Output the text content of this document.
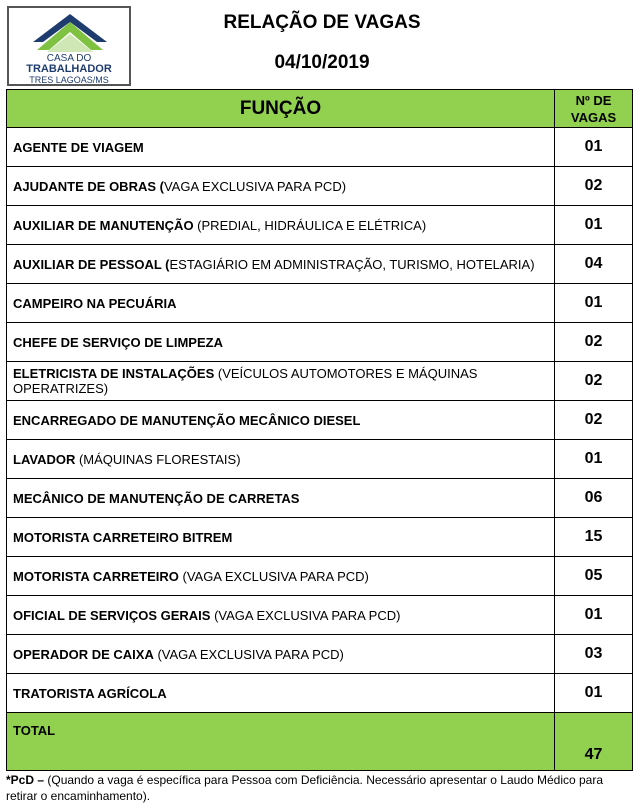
CASA DO
TRABALHADOR
TRES LAGOAS/MS
RELAÇÃO DE VAGAS
04/10/2019
FUNÇÃO	Nº DE
VAGAS

AGENTE DE VIAGEM	01
AJUDANTE DE OBRAS (VAGA EXCLUSIVA PARA PCD)	02
AUXILIAR DE MANUTENÇÃO (PREDIAL, HIDRÁULICA E ELÉTRICA)	01
AUXILIAR DE PESSOAL (ESTAGIÁRIO EM ADMINISTRAÇÃO, TURISMO, HOTELARIA)	04
CAMPEIRO NA PECUÁRIA	01
CHEFE DE SERVIÇO DE LIMPEZA	02
ELETRICISTA DE INSTALAÇÕES (VEÍCULOS AUTOMOTORES E MÁQUINAS OPERATRIZES)	02
ENCARREGADO DE MANUTENÇÃO MECÂNICO DIESEL	02
LAVADOR (MÁQUINAS FLORESTAIS)	01
MECÂNICO DE MANUTENÇÃO DE CARRETAS	06
MOTORISTA CARRETEIRO BITREM	15
MOTORISTA CARRETEIRO (VAGA EXCLUSIVA PARA PCD)	05
OFICIAL DE SERVIÇOS GERAIS (VAGA EXCLUSIVA PARA PCD)	01
OPERADOR DE CAIXA (VAGA EXCLUSIVA PARA PCD)	03
TRATORISTA AGRÍCOLA	01
TOTAL	47
*PcD – (Quando a vaga é específica para Pessoa com Deficiência. Necessário apresentar o Laudo Médico para retirar o encaminhamento).
